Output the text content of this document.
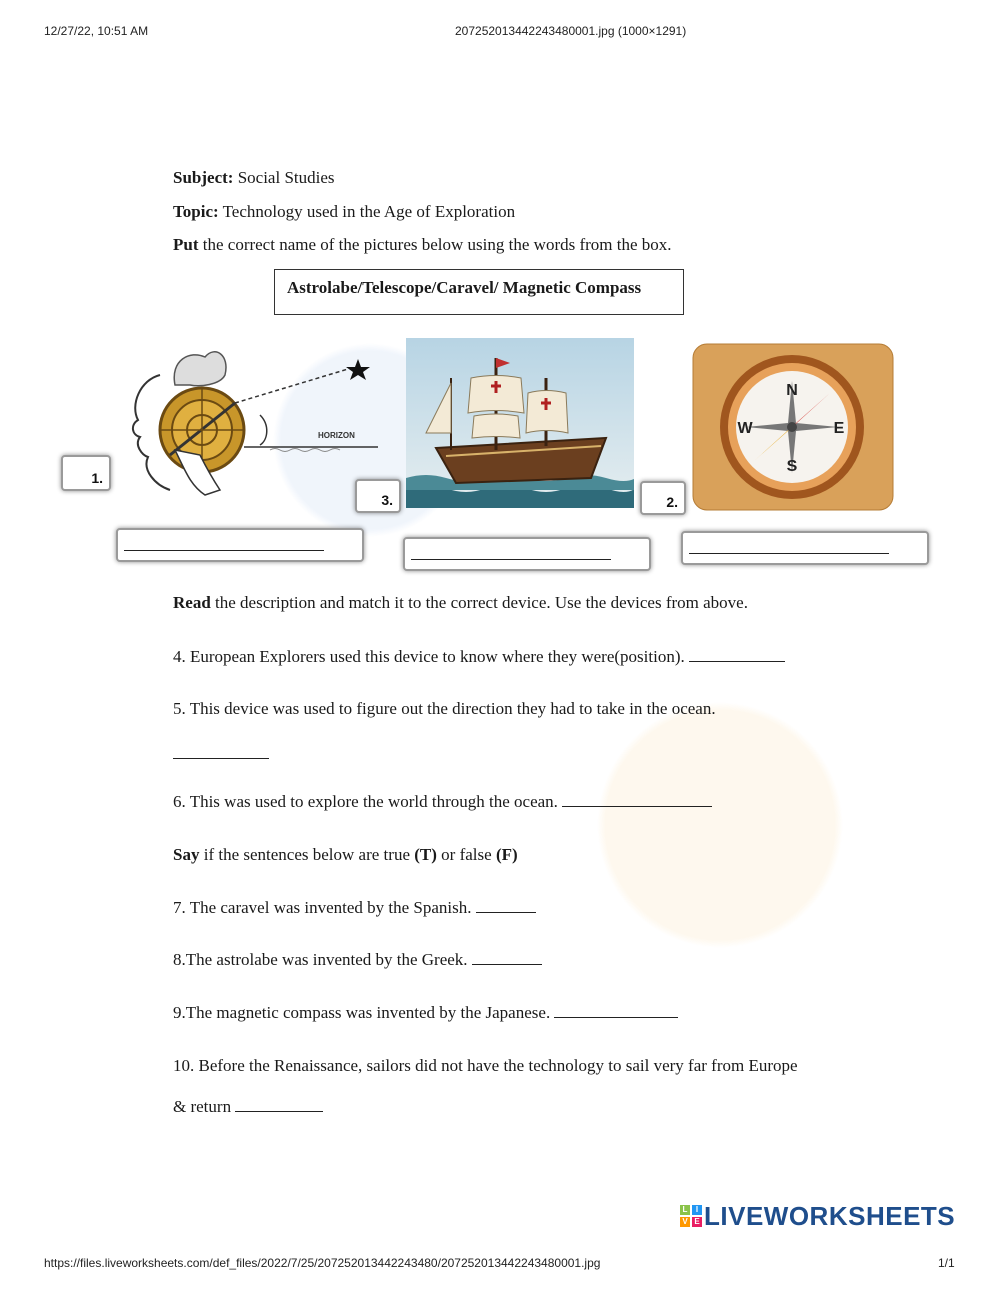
12/27/22, 10:51 AM	20725201344224348000​1.jpg (1000×1291)
Subject: Social Studies
Topic: Technology used in the Age of Exploration
Put the correct name of the pictures below using the words from the box.
Astrolabe/Telescope/Caravel/ Magnetic Compass
HORIZON
N
S
W	E
1.
3.	2.
Read the description and match it to the correct device. Use the devices from above.
4. European Explorers used this device to know where they were(position).
5. This device was used to figure out the direction they had to take in the ocean.
6. This was used to explore the world through the ocean.
Say if the sentences below are true (T) or false (F)
7. The caravel was invented by the Spanish.
8.The astrolabe was invented by the Greek.
9.The magnetic compass was invented by the Japanese.
10. Before the Renaissance, sailors did not have the technology to sail very far from Europe
& return
L	I
V E LIVEWORKSHEETS
https://files.liveworksheets.com/def_files/2022/7/25/20725201344224348​0/20725201344224348000​1.jpg	1/1
